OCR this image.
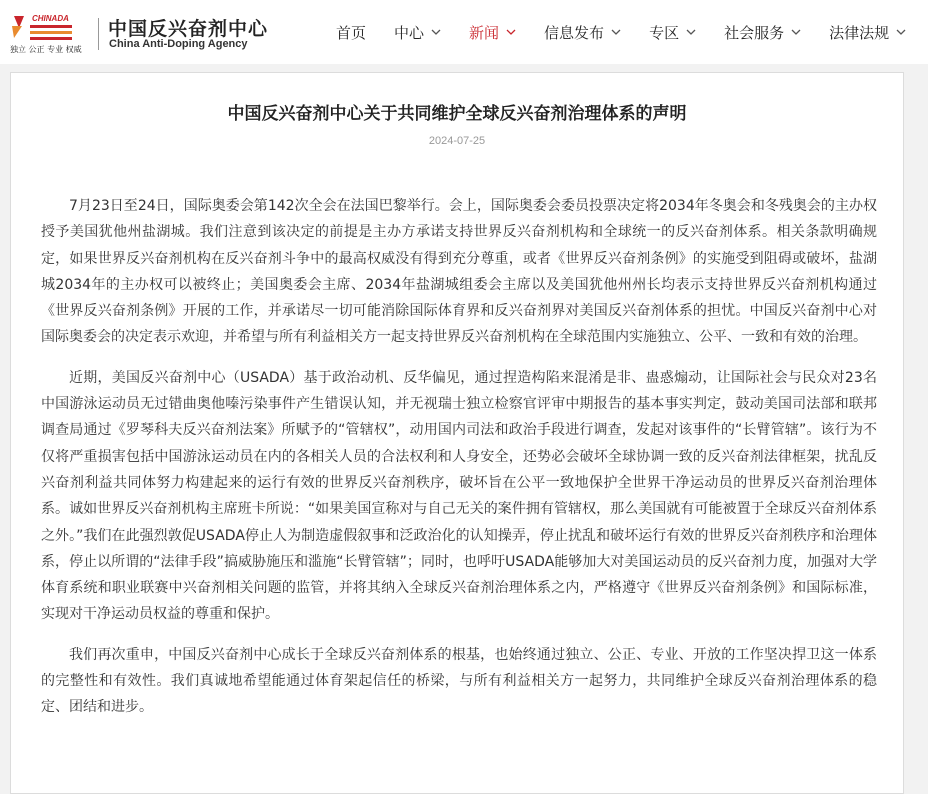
CHINADA
独立 公正 专业 权威
中国反兴奋剂中心
China Anti-Doping Agency
首页 中心	新闻	信息发布	专区	社会服务	法律法规
中国反兴奋剂中心关于共同维护全球反兴奋剂治理体系的声明
2024-07-25

7月23日至24日，国际奥委会第142次全会在法国巴黎举行。会上，国际奥委会委员投票决定将2034年冬奥会和冬残奥会的主办权授予美国犹他州盐湖城。我们注意到该决定的前提是主办方承诺支持世界反兴奋剂机构和全球统一的反兴奋剂体系。相关条款明确规定，如果世界反兴奋剂机构在反兴奋剂斗争中的最高权威没有得到充分尊重，或者《世界反兴奋剂条例》的实施受到阻碍或破坏，盐湖城2034年的主办权可以被终止；美国奥委会主席、2034年盐湖城组委会主席以及美国犹他州州长均表示支持世界反兴奋剂机构通过《世界反兴奋剂条例》开展的工作，并承诺尽一切可能消除国际体育界和反兴奋剂界对美国反兴奋剂体系的担忧。中国反兴奋剂中心对国际奥委会的决定表示欢迎，并希望与所有利益相关方一起支持世界反兴奋剂机构在全球范围内实施独立、公平、一致和有效的治理。

近期，美国反兴奋剂中心（USADA）基于政治动机、反华偏见，通过捏造构陷来混淆是非、蛊惑煽动，让国际社会与民众对23名中国游泳运动员无过错曲奥他嗪污染事件产生错误认知，并无视瑞士独立检察官评审中期报告的基本事实判定，鼓动美国司法部和联邦调查局通过《罗琴科夫反兴奋剂法案》所赋予的“管辖权”，动用国内司法和政治手段进行调查，发起对该事件的“长臂管辖”。该行为不仅将严重损害包括中国游泳运动员在内的各相关人员的合法权利和人身安全，还势必会破坏全球协调一致的反兴奋剂法律框架，扰乱反兴奋剂利益共同体努力构建起来的运行有效的世界反兴奋剂秩序，破坏旨在公平一致地保护全世界干净运动员的世界反兴奋剂治理体系。诚如世界反兴奋剂机构主席班卡所说：“如果美国宣称对与自己无关的案件拥有管辖权，那么美国就有可能被置于全球反兴奋剂体系之外。”我们在此强烈敦促USADA停止人为制造虚假叙事和泛政治化的认知操弄，停止扰乱和破坏运行有效的世界反兴奋剂秩序和治理体系，停止以所谓的“法律手段”搞威胁施压和滥施“长臂管辖”；同时，也呼吁USADA能够加大对美国运动员的反兴奋剂力度，加强对大学体育系统和职业联赛中兴奋剂相关问题的监管，并将其纳入全球反兴奋剂治理体系之内，严格遵守《世界反兴奋剂条例》和国际标准，实现对干净运动员权益的尊重和保护。

我们再次重申，中国反兴奋剂中心成长于全球反兴奋剂体系的根基，也始终通过独立、公正、专业、开放的工作坚决捍卫这一体系的完整性和有效性。我们真诚地希望能通过体育架起信任的桥梁，与所有利益相关方一起努力，共同维护全球反兴奋剂治理体系的稳定、团结和进步。
